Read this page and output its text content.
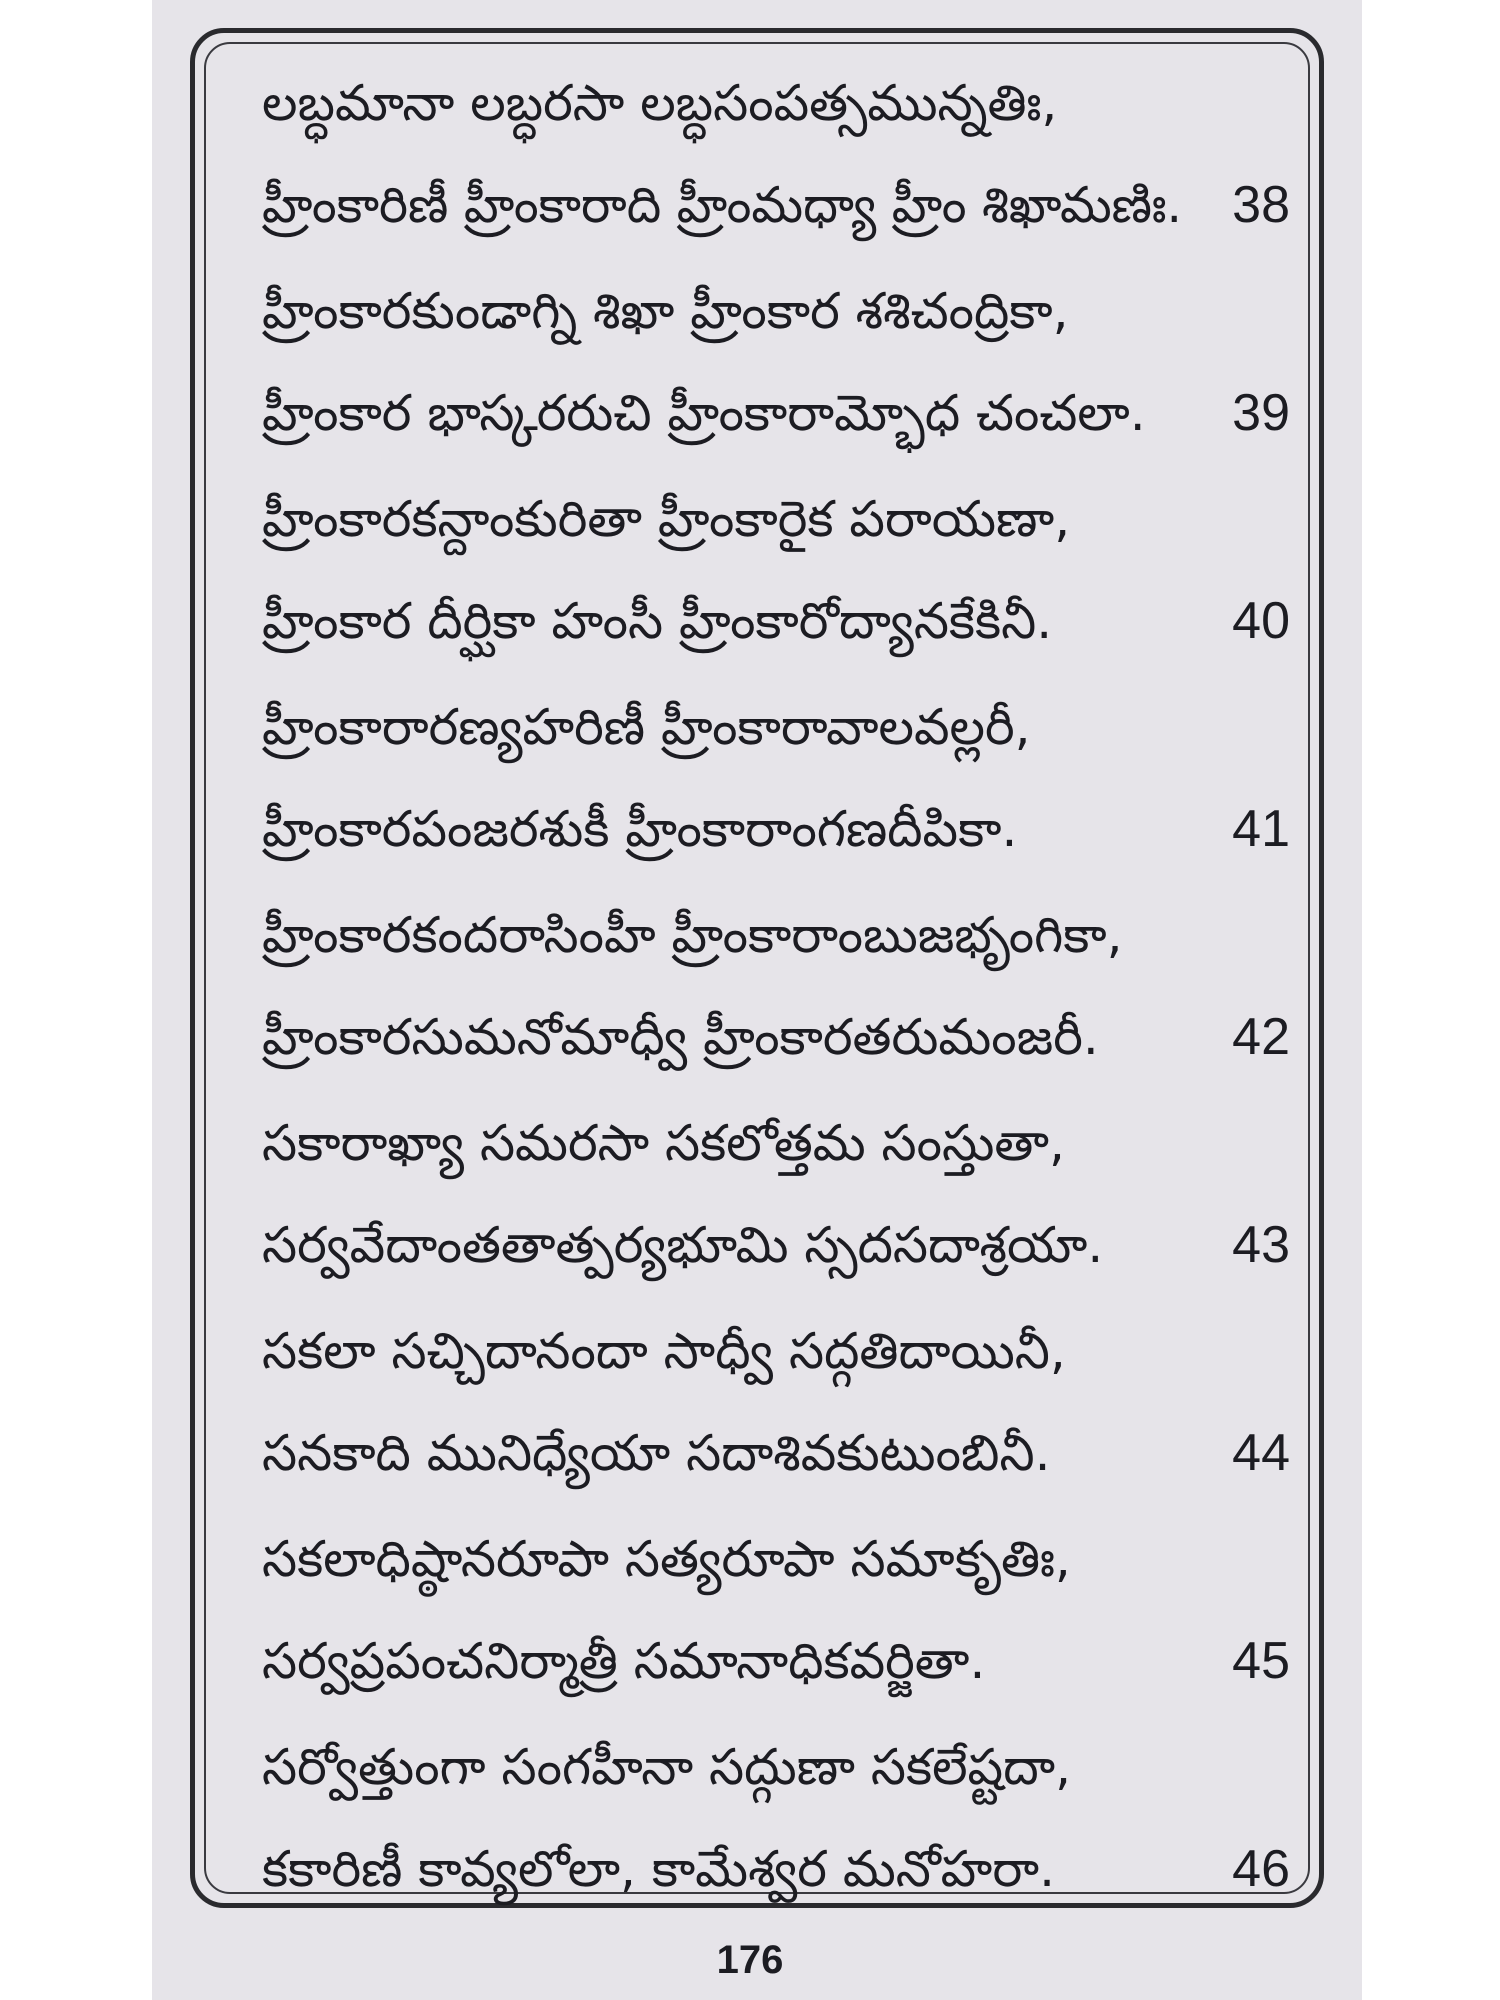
లబ్ధమానా లబ్ధరసా లబ్ధసంపత్సమున్నతిః,
హ్రీంకారిణీ హ్రీంకారాది హ్రీంమధ్యా హ్రీం శిఖామణిః. 38
హ్రీంకారకుండాగ్ని శిఖా హ్రీంకార శశిచంద్రికా,
హ్రీంకార భాస్కరరుచి హ్రీంకారామ్భోధ చంచలా. 39
హ్రీంకారకన్దాంకురితా హ్రీంకారైక పరాయణా,
హ్రీంకార దీర్ఘికా హంసీ హ్రీంకారోద్యానకేకినీ.	40
హ్రీంకారారణ్యహరిణీ హ్రీంకారావాలవల్లరీ,
హ్రీంకారపంజరశుకీ హ్రీంకారాంగణదీపికా.	41
హ్రీంకారకందరాసింహీ హ్రీంకారాంబుజభృంగికా,
హ్రీంకారసుమనోమాధ్వీ హ్రీంకారతరుమంజరీ.	42
సకారాఖ్యా సమరసా సకలోత్తమ సంస్తుతా,
సర్వవేదాంతతాత్పర్యభూమి స్సదసదాశ్రయా. 43
సకలా సచ్చిదానందా సాధ్వీ సద్గతిదాయినీ,
సనకాది మునిధ్యేయా సదాశివకుటుంబినీ.	44
సకలాధిష్ఠానరూపా సత్యరూపా సమాకృతిః,
సర్వప్రపంచనిర్మాత్రీ సమానాధికవర్జితా.	45
సర్వోత్తుంగా సంగహీనా సద్గుణా సకలేష్టదా,
కకారిణీ కావ్యలోలా, కామేశ్వర మనోహరా.	46
176
